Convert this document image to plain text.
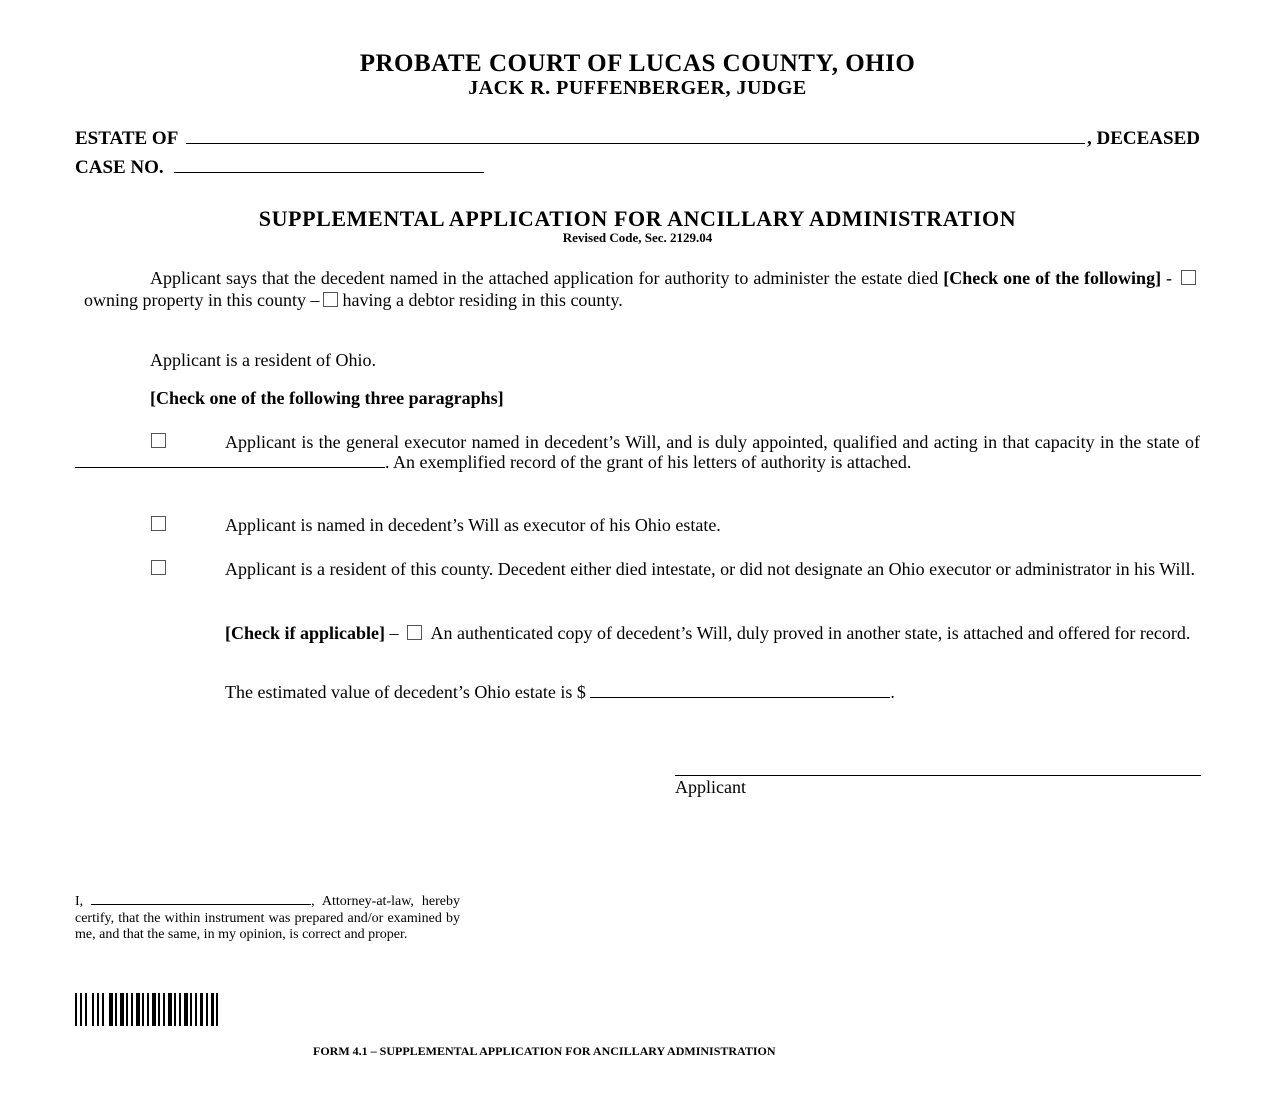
PROBATE COURT OF LUCAS COUNTY, OHIO
JACK R. PUFFENBERGER, JUDGE
ESTATE OF	, DECEASED
CASE NO.
SUPPLEMENTAL APPLICATION FOR ANCILLARY ADMINISTRATION
Revised Code, Sec. 2129.04
Applicant says that the decedent named in the attached application for authority to administer the estate died [Check one of the following] -   owning property in this county – having a debtor residing in this county.
Applicant is a resident of Ohio.
[Check one of the following three paragraphs]
Applicant is the general executor named in decedent’s Will, and is duly appointed, qualified and acting in that capacity in the state of . An exemplified record of the grant of his letters of authority is attached.
Applicant is named in decedent’s Will as executor of his Ohio estate.
Applicant is a resident of this county. Decedent either died intestate, or did not designate an Ohio executor or administrator in his Will.
[Check if applicable] –  An authenticated copy of decedent’s Will, duly proved in another state, is attached and offered for record.
The estimated value of decedent’s Ohio estate is $	.
Applicant
I,	, Attorney-at-law, hereby certify, that the within instrument was prepared and/or examined by me, and that the same, in my opinion, is correct and proper.
FORM 4.1 – SUPPLEMENTAL APPLICATION FOR ANCILLARY ADMINISTRATION
